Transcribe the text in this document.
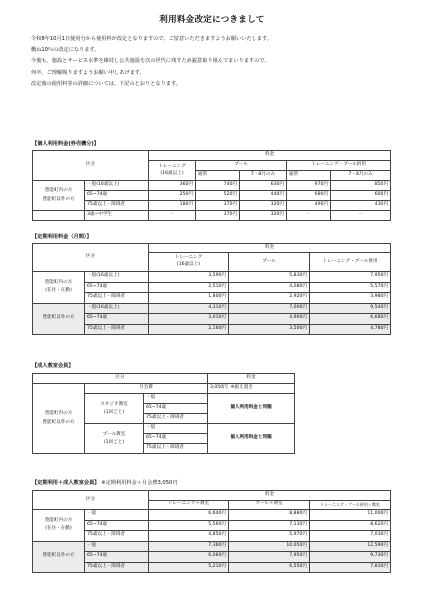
利用料金改定につきまして

令和8年10月1日使用分から使用料が改定となりますので、ご留意いただきますようお願いいたします。

概ね10％の改定になります。

今後も、施設とサービス水準を維持し公共施設を次の世代に残すため鋭意取り組んでまいりますので、

何卒、ご理解賜りますようお願い申しあげます。

改定後の使用料等の詳細については、下記のとおりとなります。

【個人利用料金(券売機分)】
区分		料金				
		トレーニング
(16歳以上)	プール		トレーニング・プール併用	
			通常	7・8月のみ	通常	7・8月のみ
豊能町内の方
豊能町以外の方	一般(16歳以上)	360円	740円	630円	970円	850円
	65~74歳	250円	520円	440円	680円	600円
	75歳以上・障碍者	180円	370円	320円	490円	430円
	3歳~中学生	—	370円	320円	—	—
【定期利用料金（月間）】
区分		料金		
		トレーニング
(16歳以上)	プール	トレーニング・プール併用
豊能町内の方
(在住・在勤)	一般(16歳以上)	3,590円	5,830円	7,950円
	65~74歳	2,510円	4,080円	5,570円
	75歳以上・障碍者	1,800円	2,920円	3,980円
豊能町以外の方	一般(16歳以上)	4,310円	7,000円	9,540円
	65~74歳	3,010円	4,900円	6,680円
	75歳以上・障碍者	2,160円	3,500円	4,780円
【成人教室会員】
区分			料金
豊能町内の方
豊能町以外の方	月会費		3,050円 ※据え置き
	スタジオ教室
(1回ごと)	一般	個人利用料金と同額
		65~74歳	
		75歳以上・障碍者	
	プール教室
(1回ごと)	一般	個人利用料金と同額
		65~74歳	
		75歳以上・障碍者	
【定期利用＋成人教室会員】 ※定期利用料金＋月会費3,050円
区分		料金		
		トレーニング＋教室	プール＋教室	トレーニング・プール併用＋教室
豊能町内の方
(在住・在勤)	一般	6,640円	8,880円	11,000円
	65~74歳	5,560円	7,130円	8,620円
	75歳以上・障碍者	4,850円	5,970円	7,030円
豊能町以外の方	一般	7,360円	10,050円	12,590円
	65~74歳	6,060円	7,950円	9,730円
	75歳以上・障碍者	5,210円	6,550円	7,830円
